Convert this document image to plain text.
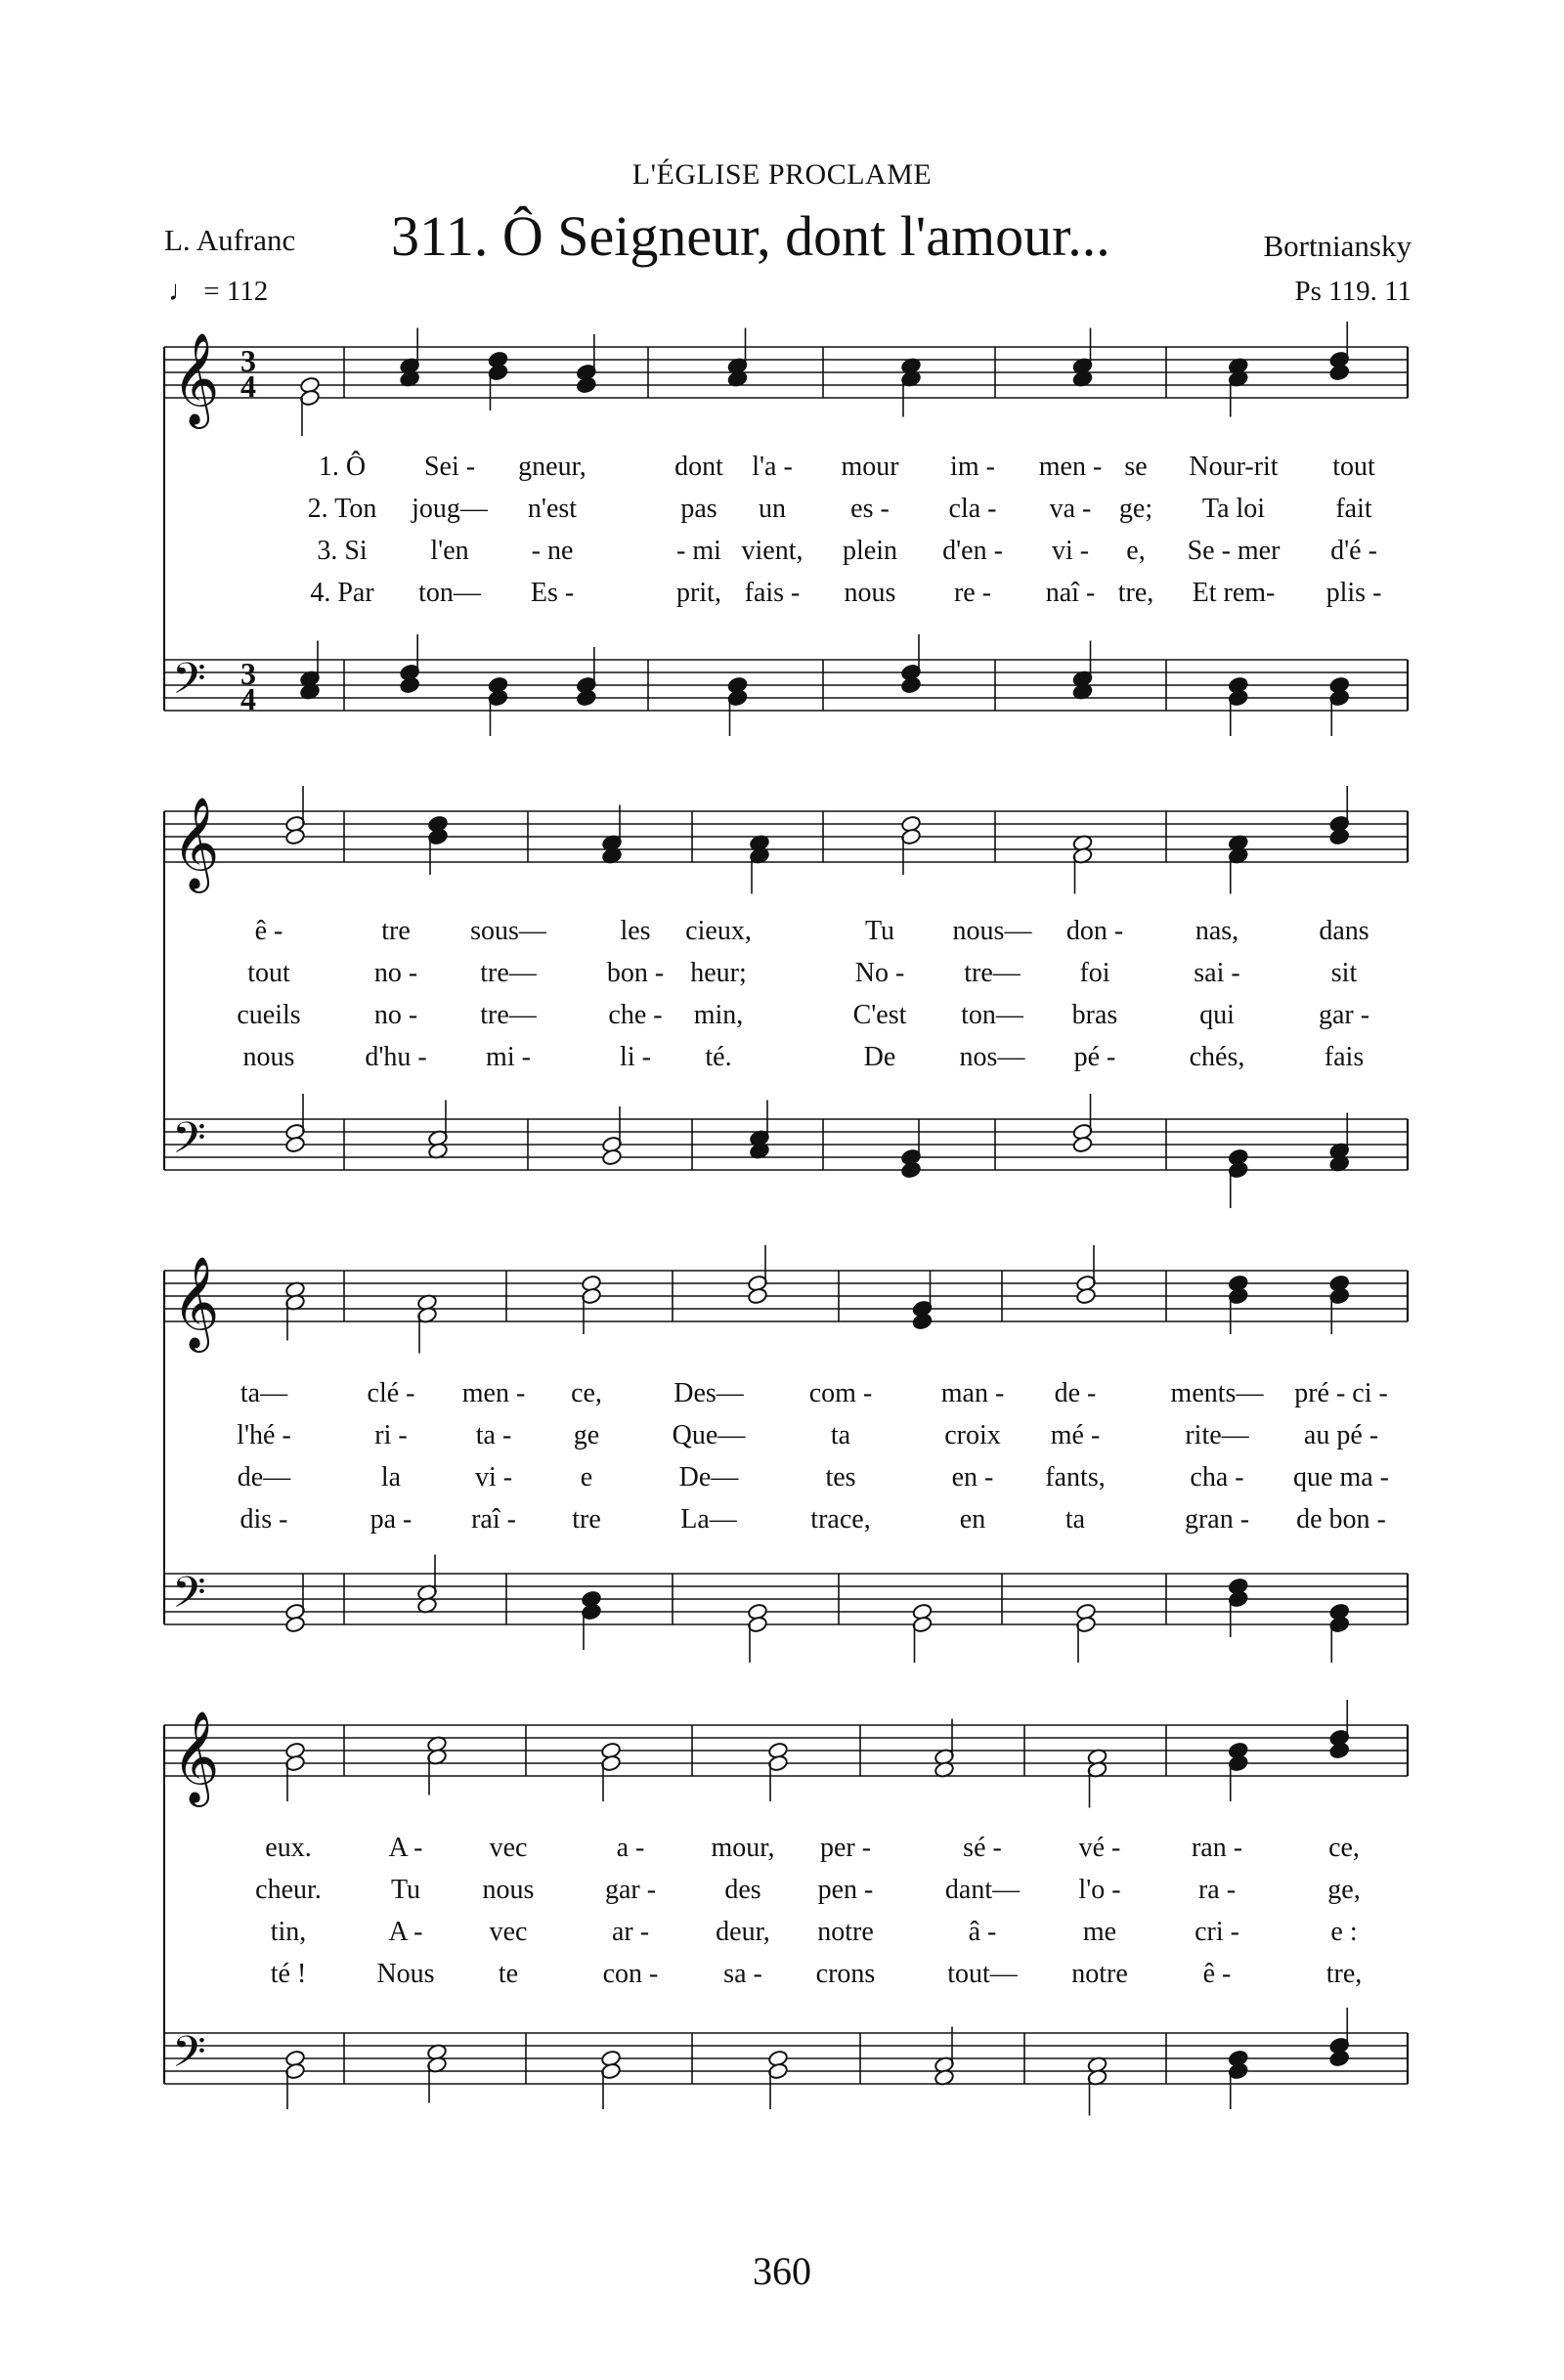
L'ÉGLISE PROCLAME
L. Aufranc 311. Ô Seigneur, dont l'amour...	Bortniansky
♩ = 112	Ps 119. 11
𝄞 3
4
𝄢 3
4
1. Ô Sei - gneur,	dont l'a - mour im - men - se Nour-rit tout
2. Ton joug— n'est	pas un es - cla - va - ge; Ta loi	fait
3. Si l'en - ne	- mi vient, plein d'en - vi - e, Se - mer d'é -
4. Par ton— Es -	prit, fais - nous re - naî - tre, Et rem- plis -
𝄞
𝄢
ê -	tre sous—	les cieux,	Tu nous— don -	nas,	dans
tout	no - tre—	bon - heur;	No - tre— foi	sai -	sit
cueils	no - tre—	che - min,	C'est ton— bras	qui	gar -
nous	d'hu - mi -	li - té.	De nos— pé -	chés,	fais
𝄞
𝄢
ta—	clé - men - ce,	Des— com -	man - de -	ments— pré - ci -
l'hé -	ri -	ta - ge	Que—	ta	croix mé -	rite— au pé -
de—	la	vi - e	De—	tes	en - fants,	cha - que ma -
dis -	pa - raî - tre	La—	trace,	en	ta	gran - de bon -
𝄞
𝄢
eux.	A - vec	a - mour, per -	sé -	vé -	ran -	ce,
cheur.	Tu nous	gar -	des pen -	dant— l'o -	ra -	ge,
tin,	A - vec	ar - deur, notre	â -	me	cri -	e :
té !	Nous te	con - sa - crons	tout— notre	ê -	tre,
360
